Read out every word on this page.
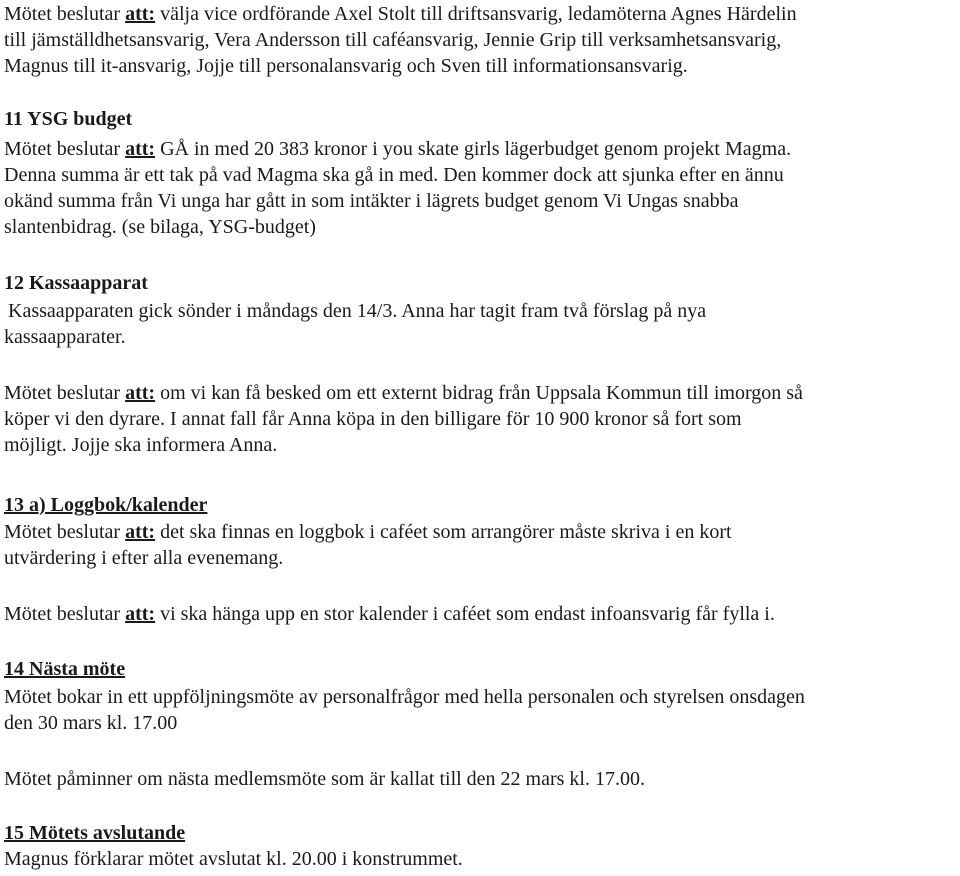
Mötet beslutar att: välja vice ordförande Axel Stolt till driftsansvarig, ledamöterna Agnes Härdelin
till jämställdhetsansvarig, Vera Andersson till caféansvarig, Jennie Grip till verksamhetsansvarig,
Magnus till it-ansvarig, Jojje till personalansvarig och Sven till informationsansvarig.
11 YSG budget
Mötet beslutar att: GÅ in med 20 383 kronor i you skate girls lägerbudget genom projekt Magma.
Denna summa är ett tak på vad Magma ska gå in med. Den kommer dock att sjunka efter en ännu
okänd summa från Vi unga har gått in som intäkter i lägrets budget genom Vi Ungas snabba
slantenbidrag. (se bilaga, YSG-budget)
12 Kassaapparat
Kassaapparaten gick sönder i måndags den 14/3. Anna har tagit fram två förslag på nya
kassaapparater.
Mötet beslutar att: om vi kan få besked om ett externt bidrag från Uppsala Kommun till imorgon så
köper vi den dyrare. I annat fall får Anna köpa in den billigare för 10 900 kronor så fort som
möjligt. Jojje ska informera Anna.
13 a) Loggbok/kalender
Mötet beslutar att: det ska finnas en loggbok i caféet som arrangörer måste skriva i en kort
utvärdering i efter alla evenemang.
Mötet beslutar att: vi ska hänga upp en stor kalender i caféet som endast infoansvarig får fylla i.
14 Nästa möte
Mötet bokar in ett uppföljningsmöte av personalfrågor med hella personalen och styrelsen onsdagen
den 30 mars kl. 17.00
Mötet påminner om nästa medlemsmöte som är kallat till den 22 mars kl. 17.00.
15 Mötets avslutande
Magnus förklarar mötet avslutat kl. 20.00 i konstrummet.
